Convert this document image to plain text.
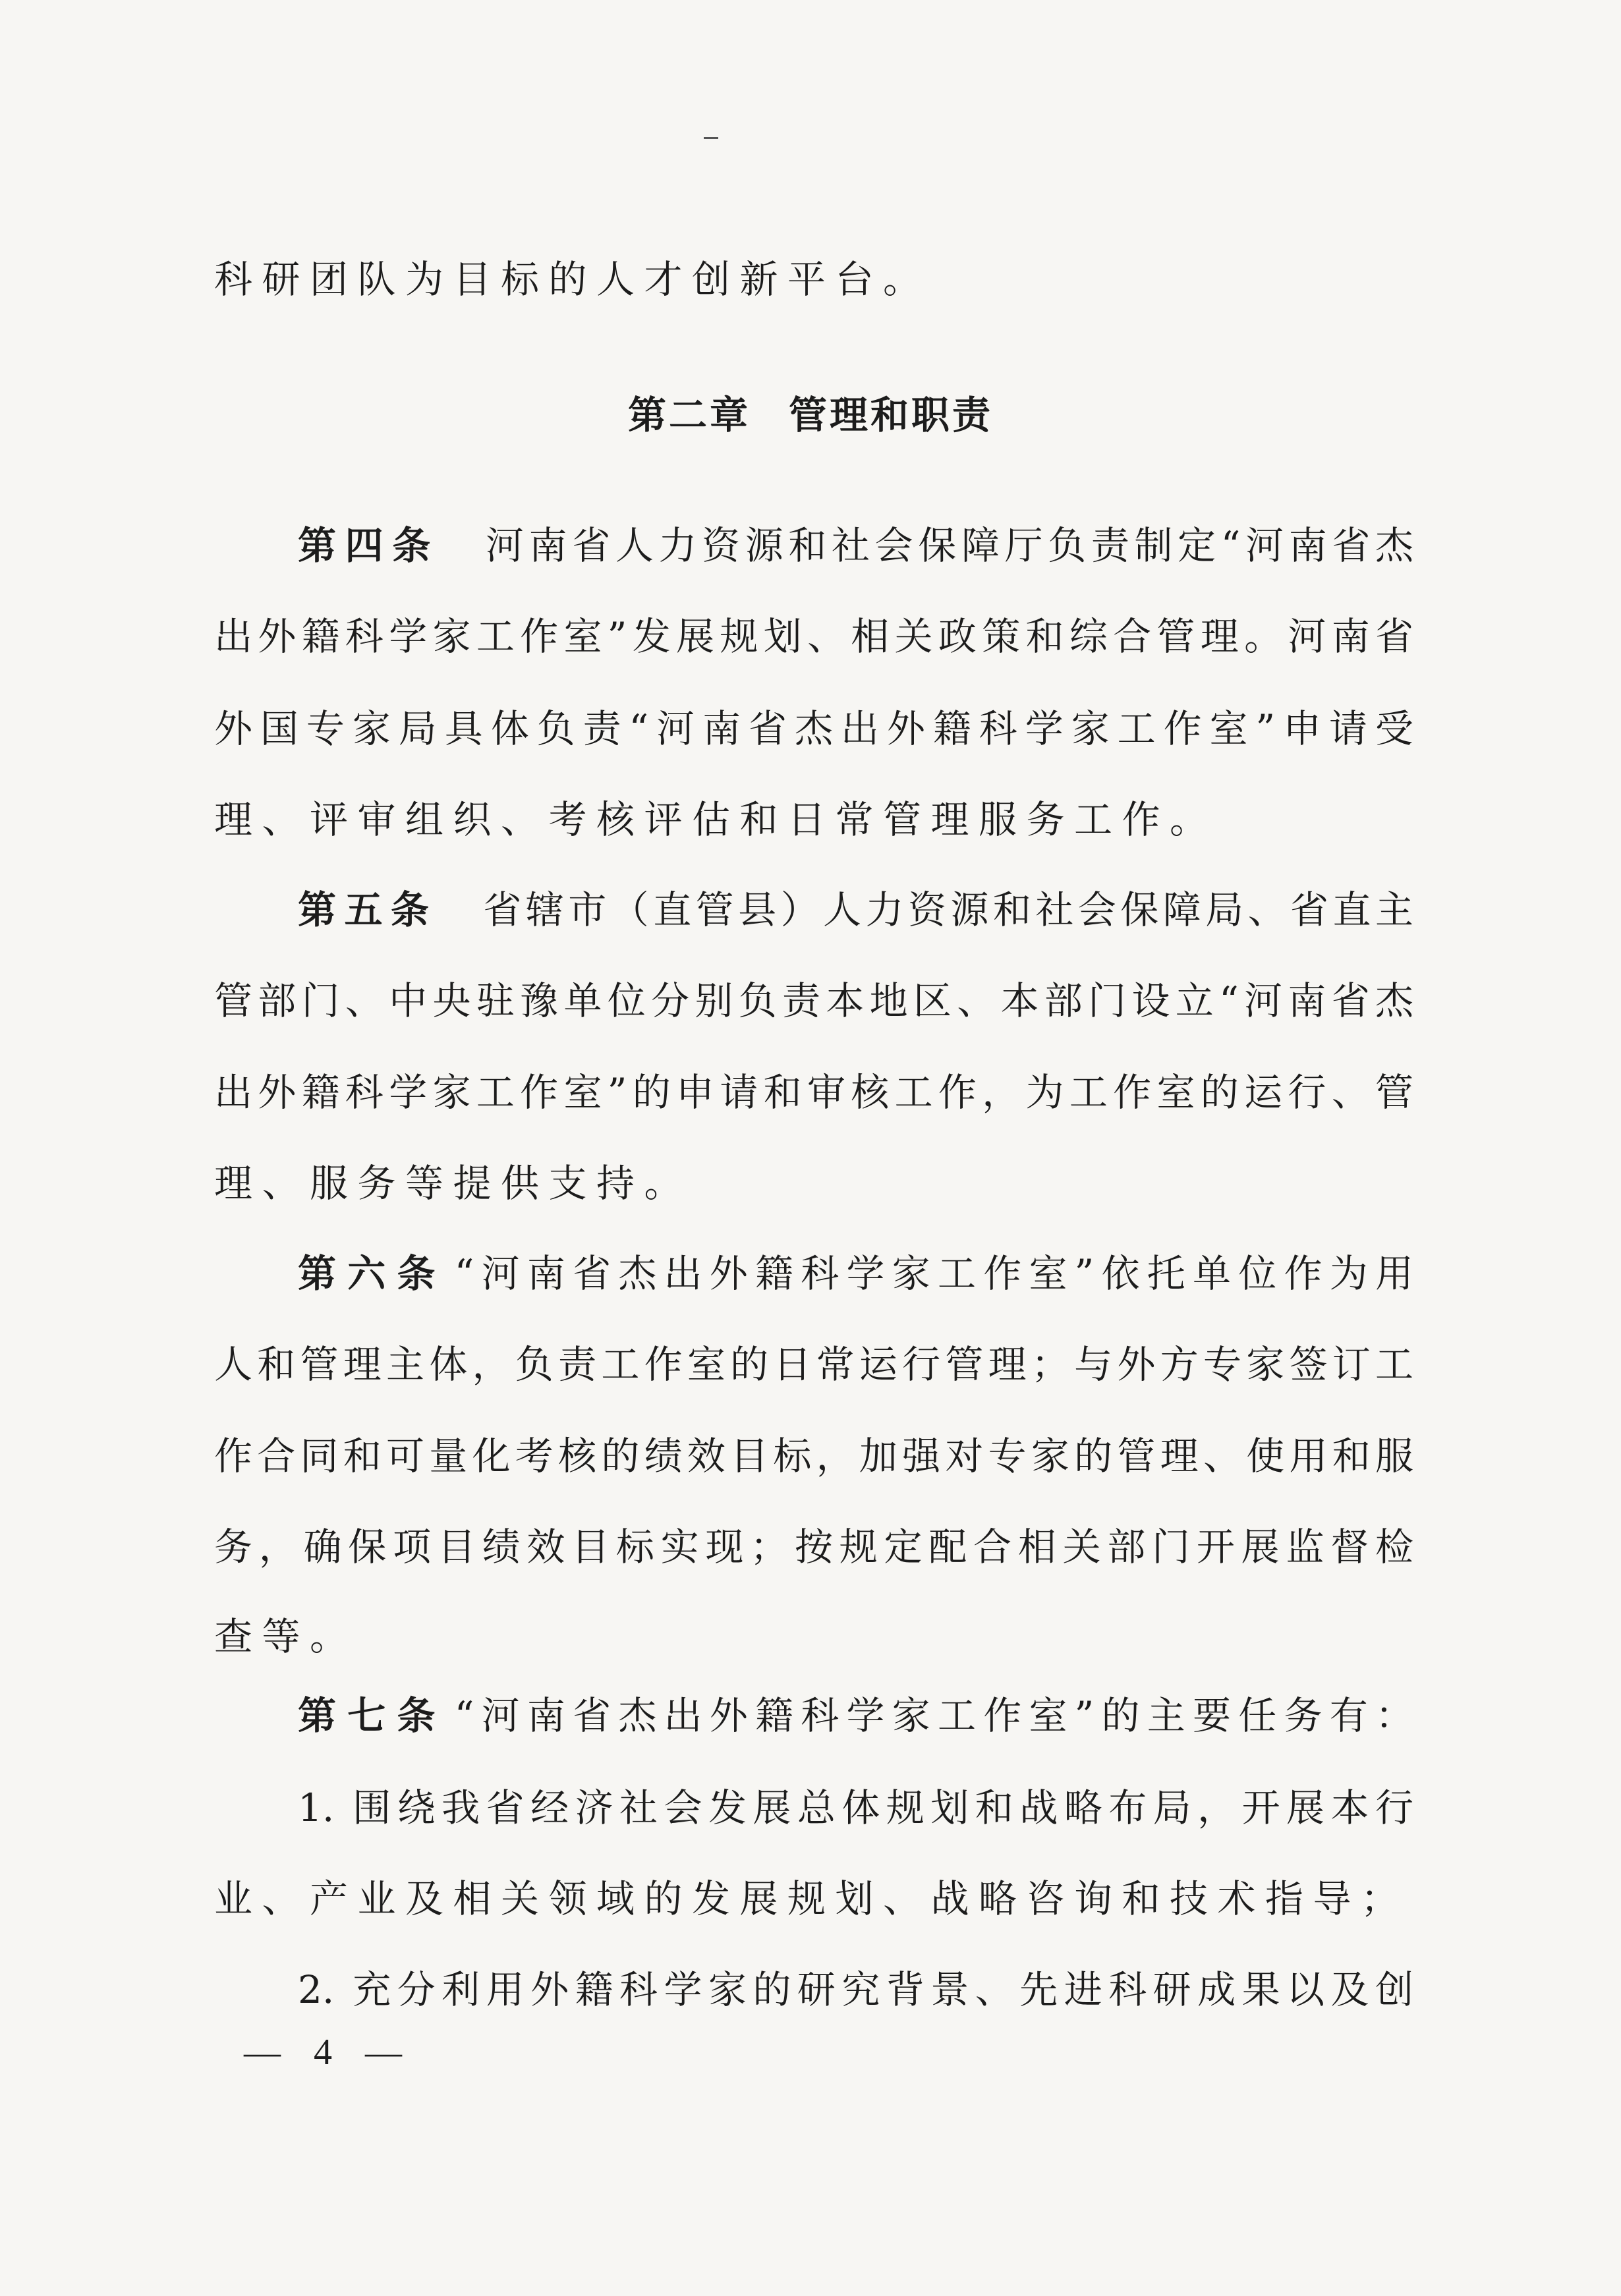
科研团队为目标的人才创新平台。
第二章 管理和职责
第四条 河南省人力资源和社会保障厅负责制定“河南省杰
出外籍科学家工作室”发展规划、相关政策和综合管理。河南省
外国专家局具体负责“河南省杰出外籍科学家工作室”申请受
理、评审组织、考核评估和日常管理服务工作。
第五条 省辖市（直管县）人力资源和社会保障局、省直主
管部门、中央驻豫单位分别负责本地区、本部门设立“河南省杰
出外籍科学家工作室”的申请和审核工作，为工作室的运行、管
理、服务等提供支持。
第六条 “河南省杰出外籍科学家工作室”依托单位作为用
人和管理主体，负责工作室的日常运行管理；与外方专家签订工
作合同和可量化考核的绩效目标，加强对专家的管理、使用和服
务，确保项目绩效目标实现；按规定配合相关部门开展监督检
查等。
第七条 “河南省杰出外籍科学家工作室”的主要任务有：
1. 围绕我省经济社会发展总体规划和战略布局，开展本行
业、产业及相关领域的发展规划、战略咨询和技术指导；
2. 充分利用外籍科学家的研究背景、先进科研成果以及创
— 4 —
